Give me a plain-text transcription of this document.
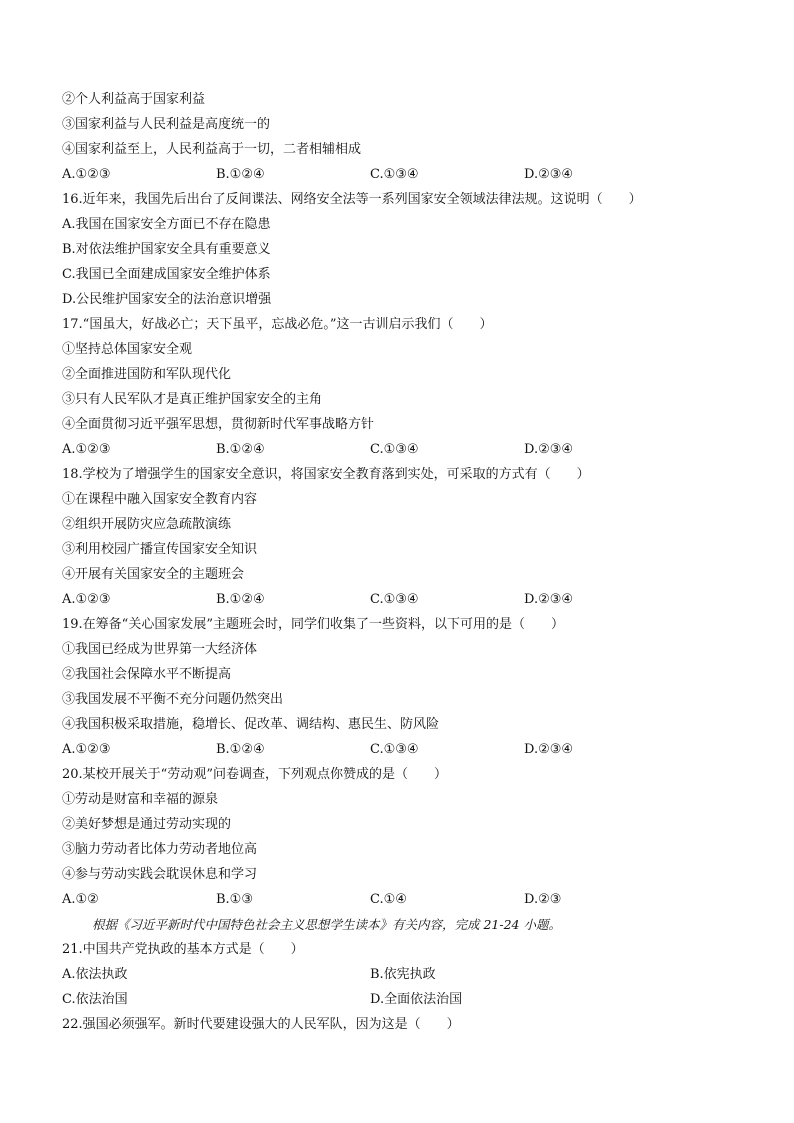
②个人利益高于国家利益
③国家利益与人民利益是高度统一的
④国家利益至上，人民利益高于一切，二者相辅相成
A.①②③	B.①②④	C.①③④	D.②③④
16.近年来，我国先后出台了反间谍法、网络安全法等一系列国家安全领域法律法规。这说明（　　）
A.我国在国家安全方面已不存在隐患
B.对依法维护国家安全具有重要意义
C.我国已全面建成国家安全维护体系
D.公民维护国家安全的法治意识增强
17.“国虽大，好战必亡；天下虽平，忘战必危。”这一古训启示我们（　　）
①坚持总体国家安全观
②全面推进国防和军队现代化
③只有人民军队才是真正维护国家安全的主角
④全面贯彻习近平强军思想，贯彻新时代军事战略方针
A.①②③	B.①②④	C.①③④	D.②③④
18.学校为了增强学生的国家安全意识，将国家安全教育落到实处，可采取的方式有（　　）
①在课程中融入国家安全教育内容
②组织开展防灾应急疏散演练
③利用校园广播宣传国家安全知识
④开展有关国家安全的主题班会
A.①②③	B.①②④	C.①③④	D.②③④
19.在筹备“关心国家发展”主题班会时，同学们收集了一些资料，以下可用的是（　　）
①我国已经成为世界第一大经济体
②我国社会保障水平不断提高
③我国发展不平衡不充分问题仍然突出
④我国积极采取措施，稳增长、促改革、调结构、惠民生、防风险
A.①②③	B.①②④	C.①③④	D.②③④
20.某校开展关于“劳动观”问卷调查，下列观点你赞成的是（　　）
①劳动是财富和幸福的源泉
②美好梦想是通过劳动实现的
③脑力劳动者比体力劳动者地位高
④参与劳动实践会耽误休息和学习
A.①②	B.①③	C.①④	D.②③
根据《习近平新时代中国特色社会主义思想学生读本》有关内容，完成 21-24 小题。
21.中国共产党执政的基本方式是（　　）
A.依法执政	B.依宪执政
C.依法治国	D.全面依法治国
22.强国必须强军。新时代要建设强大的人民军队，因为这是（　　）
